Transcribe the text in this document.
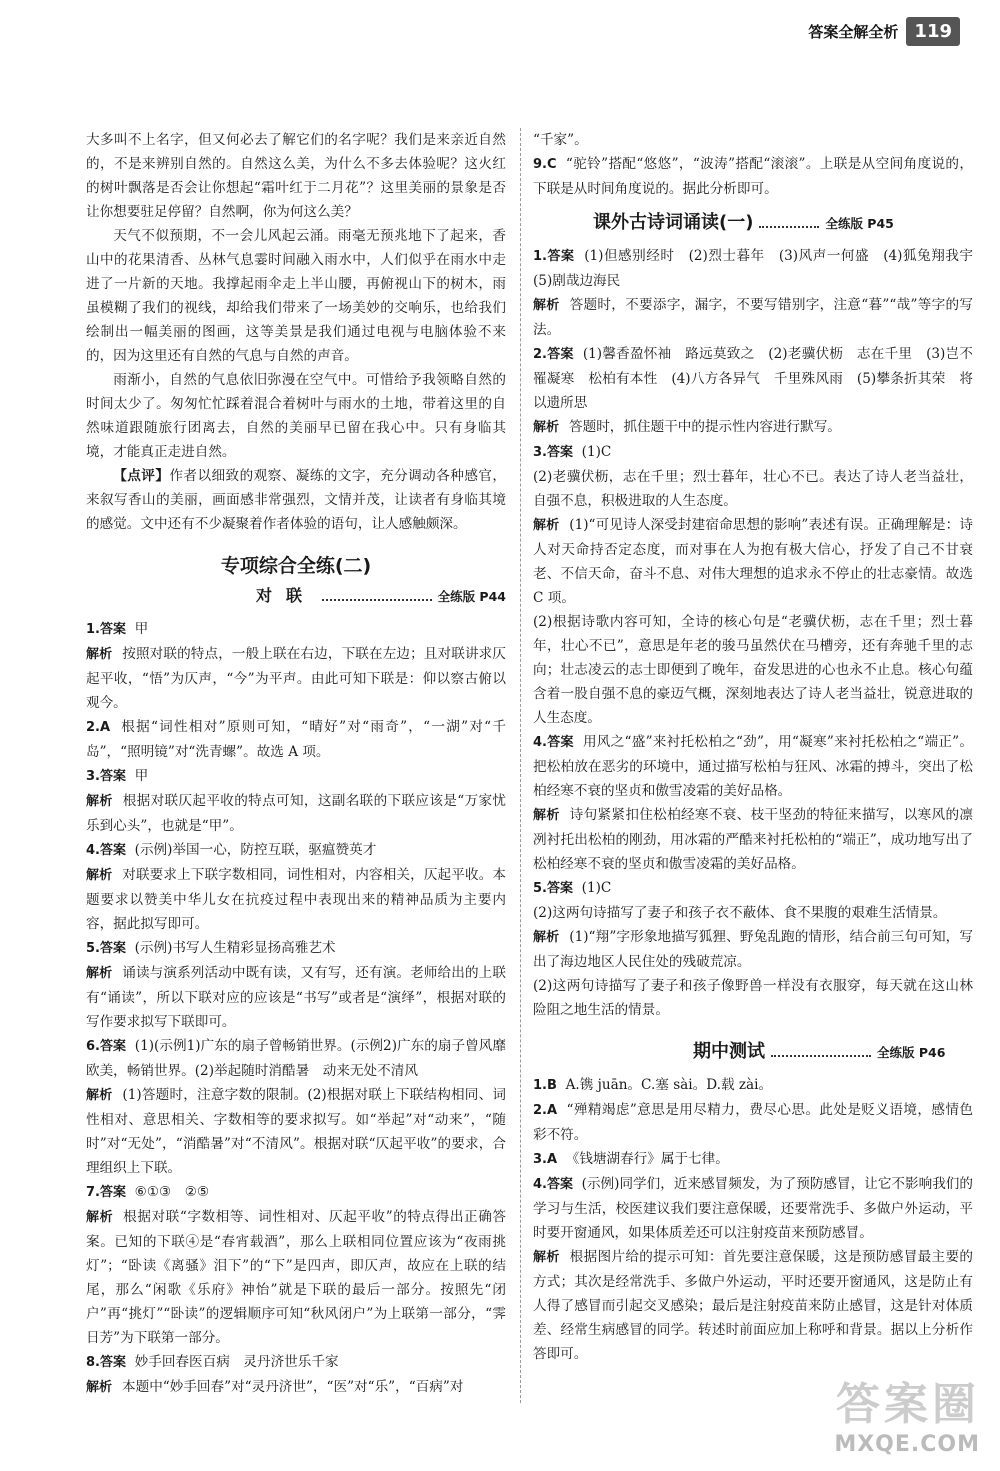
答案全解全析 119

大多叫不上名字，但又何必去了解它们的名字呢？我们是来亲近自然的，不是来辨别自然的。自然这么美，为什么不多去体验呢？这火红的树叶飘落是否会让你想起“霜叶红于二月花”？这里美丽的景象是否让你想要驻足停留？自然啊，你为何这么美？

天气不似预期，不一会儿风起云涌。雨毫无预兆地下了起来，香山中的花果清香、丛林气息霎时间融入雨水中，人们似乎在雨水中走进了一片新的天地。我撑起雨伞走上半山腰，再俯视山下的树木，雨虽模糊了我们的视线，却给我们带来了一场美妙的交响乐，也给我们绘制出一幅美丽的图画，这等美景是我们通过电视与电脑体验不来的，因为这里还有自然的气息与自然的声音。

雨渐小，自然的气息依旧弥漫在空气中。可惜给予我领略自然的时间太少了。匆匆忙忙踩着混合着树叶与雨水的土地，带着这里的自然味道跟随旅行团离去，自然的美丽早已留在我心中。只有身临其境，才能真正走进自然。

【点评】作者以细致的观察、凝练的文字，充分调动各种感官，来叙写香山的美丽，画面感非常强烈，文情并茂，让读者有身临其境的感觉。文中还有不少凝聚着作者体验的语句，让人感触颇深。

专项综合全练(二)
对联	全练版 P44

1.答案 甲

解析 按照对联的特点，一般上联在右边，下联在左边；且对联讲求仄起平收，“悟”为仄声，“今”为平声。由此可知下联是：仰以察古俯以观今。

2.A 根据“词性相对”原则可知，“晴好”对“雨奇”，“一湖”对“千岛”，“照明镜”对“洗青螺”。故选 A 项。

3.答案 甲

解析 根据对联仄起平收的特点可知，这副名联的下联应该是“万家忧乐到心头”，也就是“甲”。

4.答案 (示例)举国一心，防控互联，驱瘟赞英才

解析 对联要求上下联字数相同，词性相对，内容相关，仄起平收。本题要求以赞美中华儿女在抗疫过程中表现出来的精神品质为主要内容，据此拟写即可。

5.答案 (示例)书写人生精彩显扬高雅艺术

解析 诵读与演系列活动中既有读，又有写，还有演。老师给出的上联有“诵读”，所以下联对应的应该是“书写”或者是“演绎”，根据对联的写作要求拟写下联即可。

6.答案 (1)(示例1)广东的扇子曾畅销世界。(示例2)广东的扇子曾风靡欧美，畅销世界。(2)举起随时消酷暑　动来无处不清风

解析 (1)答题时，注意字数的限制。(2)根据对联上下联结构相同、词性相对、意思相关、字数相等的要求拟写。如“举起”对“动来”，“随时”对“无处”，“消酷暑”对“不清风”。根据对联“仄起平收”的要求，合理组织上下联。

7.答案 ⑥①③　②⑤

解析 根据对联“字数相等、词性相对、仄起平收”的特点得出正确答案。已知的下联④是“春宵载酒”，那么上联相同位置应该为“夜雨挑灯”；“卧读《离骚》泪下”的“下”是四声，即仄声，故应在上联的结尾，那么“闲歌《乐府》神怡”就是下联的最后一部分。按照先“闭户”再“挑灯”“卧读”的逻辑顺序可知“秋风闭户”为上联第一部分，“霁日芳”为下联第一部分。

8.答案 妙手回春医百病　灵丹济世乐千家

解析 本题中“妙手回春”对“灵丹济世”，“医”对“乐”，“百病”对

“千家”。

9.C “驼铃”搭配“悠悠”，“波涛”搭配“滚滚”。上联是从空间角度说的，下联是从时间角度说的。据此分析即可。

课外古诗词诵读(一)	全练版 P45

1.答案 (1)但感别经时　(2)烈士暮年　(3)风声一何盛　(4)狐兔翔我宇　(5)剧哉边海民

解析 答题时，不要添字，漏字，不要写错别字，注意“暮”“哉”等字的写法。

2.答案 (1)馨香盈怀袖　路远莫致之　(2)老骥伏枥　志在千里　(3)岂不罹凝寒　松柏有本性　(4)八方各异气　千里殊风雨　(5)攀条折其荣　将以遗所思

解析 答题时，抓住题干中的提示性内容进行默写。

3.答案 (1)C

(2)老骥伏枥，志在千里；烈士暮年，壮心不已。表达了诗人老当益壮，自强不息，积极进取的人生态度。

解析 (1)“可见诗人深受封建宿命思想的影响”表述有误。正确理解是：诗人对天命持否定态度，而对事在人为抱有极大信心，抒发了自己不甘衰老、不信天命，奋斗不息、对伟大理想的追求永不停止的壮志豪情。故选 C 项。

(2)根据诗歌内容可知，全诗的核心句是“老骥伏枥，志在千里；烈士暮年，壮心不已”，意思是年老的骏马虽然伏在马槽旁，还有奔驰千里的志向；壮志凌云的志士即便到了晚年，奋发思进的心也永不止息。核心句蕴含着一股自强不息的豪迈气概，深刻地表达了诗人老当益壮，锐意进取的人生态度。

4.答案 用风之“盛”来衬托松柏之“劲”，用“凝寒”来衬托松柏之“端正”。把松柏放在恶劣的环境中，通过描写松柏与狂风、冰霜的搏斗，突出了松柏经寒不衰的坚贞和傲雪凌霜的美好品格。

解析 诗句紧紧扣住松柏经寒不衰、枝干坚劲的特征来描写，以寒风的凛冽衬托出松柏的刚劲，用冰霜的严酷来衬托松柏的“端正”，成功地写出了松柏经寒不衰的坚贞和傲雪凌霜的美好品格。

5.答案 (1)C

(2)这两句诗描写了妻子和孩子衣不蔽体、食不果腹的艰难生活情景。

解析 (1)“翔”字形象地描写狐狸、野兔乱跑的情形，结合前三句可知，写出了海边地区人民住处的残破荒凉。

(2)这两句诗描写了妻子和孩子像野兽一样没有衣服穿，每天就在这山林险阻之地生活的情景。

期中测试	全练版 P46

1.B A.镌 juān。C.塞 sài。D.载 zài。

2.A “殚精竭虑”意思是用尽精力，费尽心思。此处是贬义语境，感情色彩不符。

3.A 《钱塘湖春行》属于七律。

4.答案 (示例)同学们，近来感冒频发，为了预防感冒，让它不影响我们的学习与生活，校医建议我们要注意保暖，还要常洗手、多做户外运动，平时要开窗通风，如果体质差还可以注射疫苗来预防感冒。

解析 根据图片给的提示可知：首先要注意保暖，这是预防感冒最主要的方式；其次是经常洗手、多做户外运动，平时还要开窗通风，这是防止有人得了感冒而引起交叉感染；最后是注射疫苗来防止感冒，这是针对体质差、经常生病感冒的同学。转述时前面应加上称呼和背景。据以上分析作答即可。

答案圈
MXQE.COM
